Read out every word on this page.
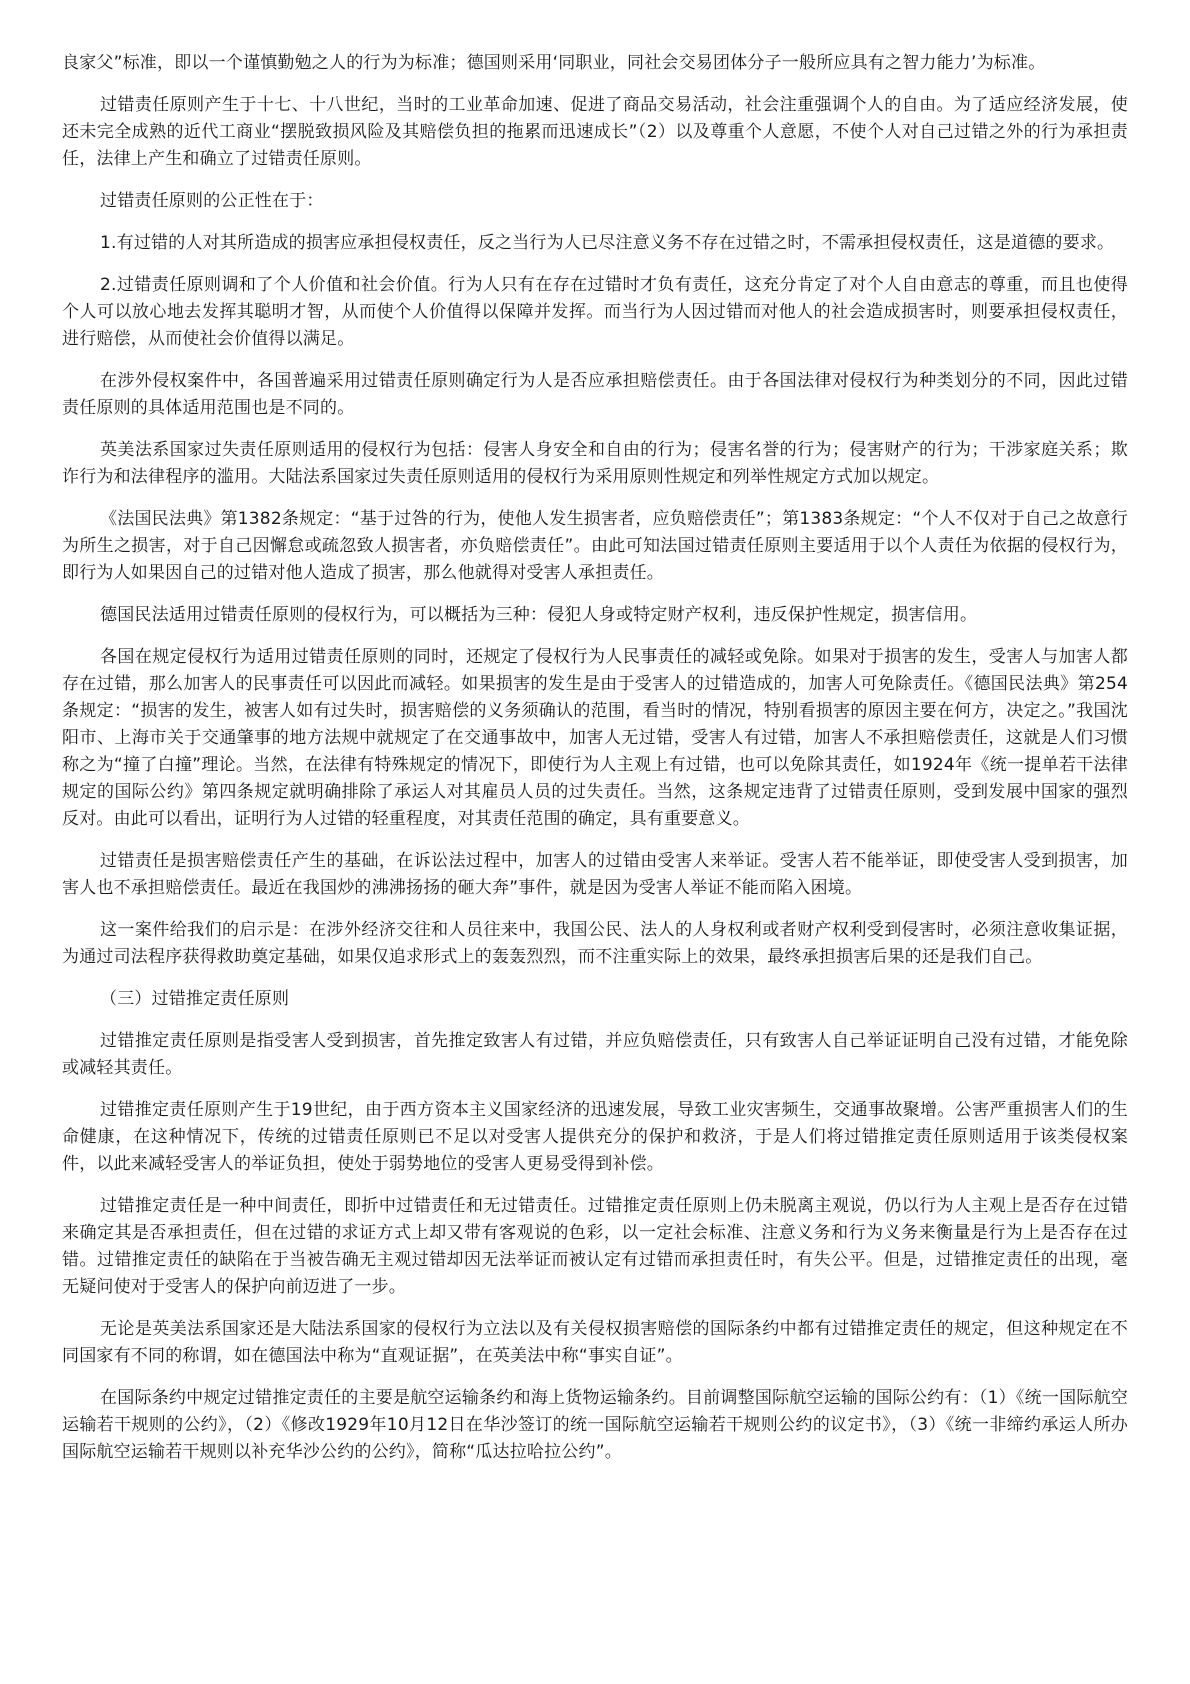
良家父”标准，即以一个谨慎勤勉之人的行为为标准；德国则采用‘同职业，同社会交易团体分子一般所应具有之智力能力’为标准。

过错责任原则产生于十七、十八世纪，当时的工业革命加速、促进了商品交易活动，社会注重强调个人的自由。为了适应经济发展，使还未完全成熟的近代工商业“摆脱致损风险及其赔偿负担的拖累而迅速成长”（2）以及尊重个人意愿，不使个人对自己过错之外的行为承担责任，法律上产生和确立了过错责任原则。

过错责任原则的公正性在于：

1.有过错的人对其所造成的损害应承担侵权责任，反之当行为人已尽注意义务不存在过错之时，不需承担侵权责任，这是道德的要求。

2.过错责任原则调和了个人价值和社会价值。行为人只有在存在过错时才负有责任，这充分肯定了对个人自由意志的尊重，而且也使得个人可以放心地去发挥其聪明才智，从而使个人价值得以保障并发挥。而当行为人因过错而对他人的社会造成损害时，则要承担侵权责任，进行赔偿，从而使社会价值得以满足。

在涉外侵权案件中，各国普遍采用过错责任原则确定行为人是否应承担赔偿责任。由于各国法律对侵权行为种类划分的不同，因此过错责任原则的具体适用范围也是不同的。

英美法系国家过失责任原则适用的侵权行为包括：侵害人身安全和自由的行为；侵害名誉的行为；侵害财产的行为；干涉家庭关系；欺诈行为和法律程序的滥用。大陆法系国家过失责任原则适用的侵权行为采用原则性规定和列举性规定方式加以规定。

《法国民法典》第1382条规定：“基于过咎的行为，使他人发生损害者，应负赔偿责任”；第1383条规定：“个人不仅对于自己之故意行为所生之损害，对于自己因懈怠或疏忽致人损害者，亦负赔偿责任”。由此可知法国过错责任原则主要适用于以个人责任为依据的侵权行为，即行为人如果因自己的过错对他人造成了损害，那么他就得对受害人承担责任。

德国民法适用过错责任原则的侵权行为，可以概括为三种：侵犯人身或特定财产权利，违反保护性规定，损害信用。

各国在规定侵权行为适用过错责任原则的同时，还规定了侵权行为人民事责任的减轻或免除。如果对于损害的发生，受害人与加害人都存在过错，那么加害人的民事责任可以因此而减轻。如果损害的发生是由于受害人的过错造成的，加害人可免除责任。《德国民法典》第254条规定：“损害的发生，被害人如有过失时，损害赔偿的义务须确认的范围，看当时的情况，特别看损害的原因主要在何方，决定之。”我国沈阳市、上海市关于交通肇事的地方法规中就规定了在交通事故中，加害人无过错，受害人有过错，加害人不承担赔偿责任，这就是人们习惯称之为“撞了白撞”理论。当然，在法律有特殊规定的情况下，即使行为人主观上有过错，也可以免除其责任，如1924年《统一提单若干法律规定的国际公约》第四条规定就明确排除了承运人对其雇员人员的过失责任。当然，这条规定违背了过错责任原则，受到发展中国家的强烈反对。由此可以看出，证明行为人过错的轻重程度，对其责任范围的确定，具有重要意义。

过错责任是损害赔偿责任产生的基础，在诉讼法过程中，加害人的过错由受害人来举证。受害人若不能举证，即使受害人受到损害，加害人也不承担赔偿责任。最近在我国炒的沸沸扬扬的砸大奔”事件，就是因为受害人举证不能而陷入困境。

这一案件给我们的启示是：在涉外经济交往和人员往来中，我国公民、法人的人身权利或者财产权利受到侵害时，必须注意收集证据，为通过司法程序获得救助奠定基础，如果仅追求形式上的轰轰烈烈，而不注重实际上的效果，最终承担损害后果的还是我们自己。

（三）过错推定责任原则

过错推定责任原则是指受害人受到损害，首先推定致害人有过错，并应负赔偿责任，只有致害人自己举证证明自己没有过错，才能免除或减轻其责任。

过错推定责任原则产生于19世纪，由于西方资本主义国家经济的迅速发展，导致工业灾害频生，交通事故聚增。公害严重损害人们的生命健康，在这种情况下，传统的过错责任原则已不足以对受害人提供充分的保护和救济，于是人们将过错推定责任原则适用于该类侵权案件，以此来减轻受害人的举证负担，使处于弱势地位的受害人更易受得到补偿。

过错推定责任是一种中间责任，即折中过错责任和无过错责任。过错推定责任原则上仍未脱离主观说，仍以行为人主观上是否存在过错来确定其是否承担责任，但在过错的求证方式上却又带有客观说的色彩，以一定社会标准、注意义务和行为义务来衡量是行为上是否存在过错。过错推定责任的缺陷在于当被告确无主观过错却因无法举证而被认定有过错而承担责任时，有失公平。但是，过错推定责任的出现，毫无疑问使对于受害人的保护向前迈进了一步。

无论是英美法系国家还是大陆法系国家的侵权行为立法以及有关侵权损害赔偿的国际条约中都有过错推定责任的规定，但这种规定在不同国家有不同的称谓，如在德国法中称为“直观证据”，在英美法中称“事实自证”。

在国际条约中规定过错推定责任的主要是航空运输条约和海上货物运输条约。目前调整国际航空运输的国际公约有：（1）《统一国际航空运输若干规则的公约》，（2）《修改1929年10月12日在华沙签订的统一国际航空运输若干规则公约的议定书》，（3）《统一非缔约承运人所办国际航空运输若干规则以补充华沙公约的公约》，简称“瓜达拉哈拉公约”。
